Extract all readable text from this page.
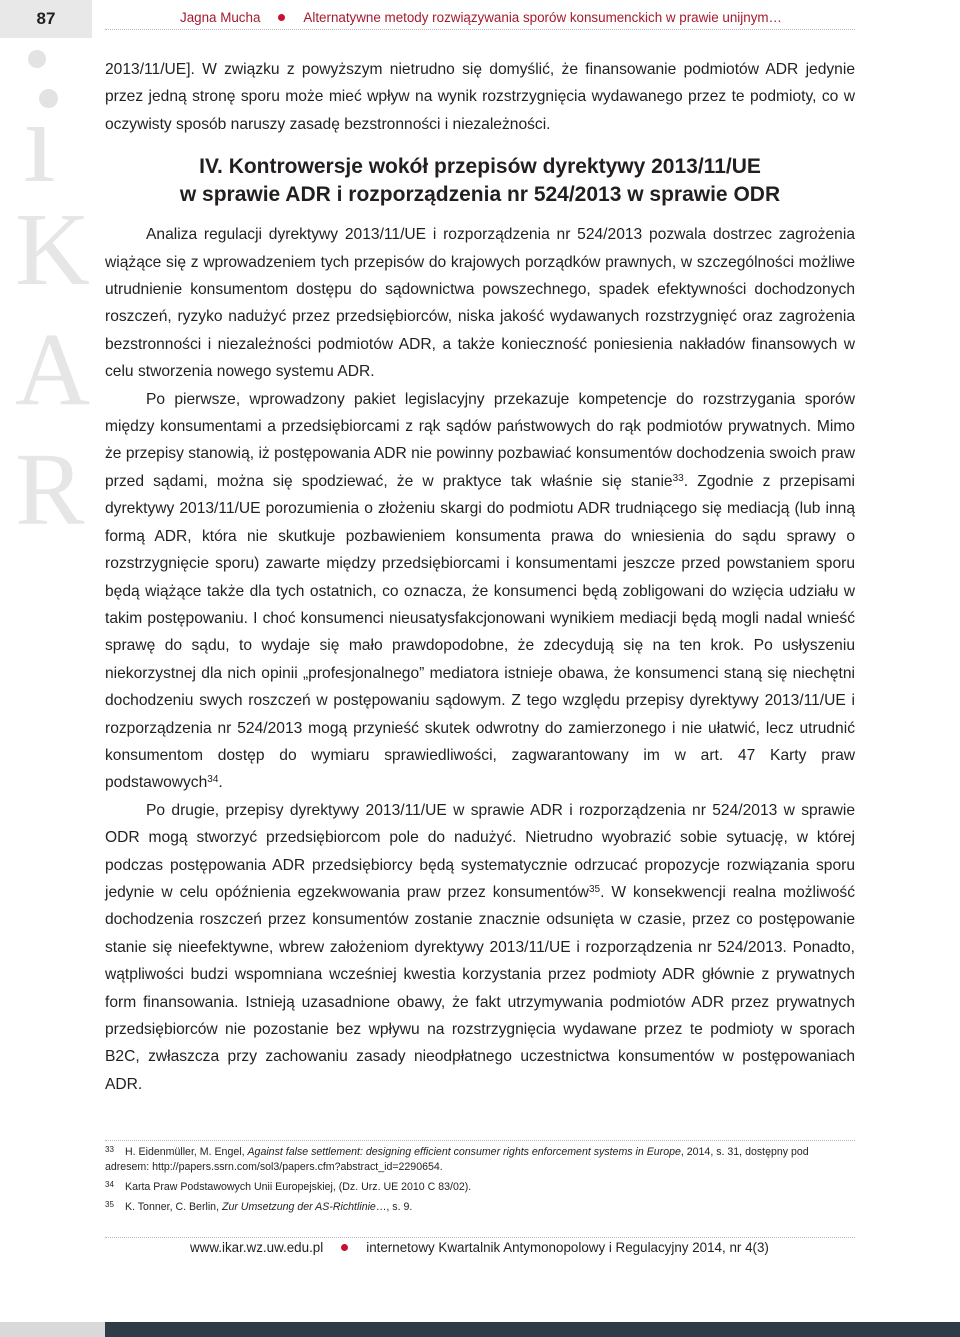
87	Jagna Mucha	Alternatywne metody rozwiązywania sporów konsumenckich w prawie unijnym…
ı
K
A
R

2013/11/UE]. W związku z powyższym nietrudno się domyślić, że finansowanie podmiotów ADR jedynie przez jedną stronę sporu może mieć wpływ na wynik rozstrzygnięcia wydawanego przez te podmioty, co w oczywisty sposób naruszy zasadę bezstronności i niezależności.

IV. Kontrowersje wokół przepisów dyrektywy 2013/11/UE
w sprawie ADR i rozporządzenia nr 524/2013 w sprawie ODR

Analiza regulacji dyrektywy 2013/11/UE i rozporządzenia nr 524/2013 pozwala dostrzec zagrożenia wiążące się z wprowadzeniem tych przepisów do krajowych porządków prawnych, w szczególności możliwe utrudnienie konsumentom dostępu do sądownictwa powszechnego, spadek efektywności dochodzonych roszczeń, ryzyko nadużyć przez przedsiębiorców, niska jakość wydawanych rozstrzygnięć oraz zagrożenia bezstronności i niezależności podmiotów ADR, a także konieczność poniesienia nakładów finansowych w celu stworzenia nowego systemu ADR.

Po pierwsze, wprowadzony pakiet legislacyjny przekazuje kompetencje do rozstrzygania sporów między konsumentami a przedsiębiorcami z rąk sądów państwowych do rąk podmiotów prywatnych. Mimo że przepisy stanowią, iż postępowania ADR nie powinny pozbawiać konsumentów dochodzenia swoich praw przed sądami, można się spodziewać, że w praktyce tak właśnie się stanie$^{33}$. Zgodnie z przepisami dyrektywy 2013/11/UE porozumienia o złożeniu skargi do podmiotu ADR trudniącego się mediacją (lub inną formą ADR, która nie skutkuje pozbawieniem konsumenta prawa do wniesienia do sądu sprawy o rozstrzygnięcie sporu) zawarte między przedsiębiorcami i konsumentami jeszcze przed powstaniem sporu będą wiążące także dla tych ostatnich, co oznacza, że konsumenci będą zobligowani do wzięcia udziału w takim postępowaniu. I choć konsumenci nieusatysfakcjonowani wynikiem mediacji będą mogli nadal wnieść sprawę do sądu, to wydaje się mało prawdopodobne, że zdecydują się na ten krok. Po usłyszeniu niekorzystnej dla nich opinii „profesjonalnego” mediatora istnieje obawa, że konsumenci staną się niechętni dochodzeniu swych roszczeń w postępowaniu sądowym. Z tego względu przepisy dyrektywy 2013/11/UE i rozporządzenia nr 524/2013 mogą przynieść skutek odwrotny do zamierzonego i nie ułatwić, lecz utrudnić konsumentom dostęp do wymiaru sprawiedliwości, zagwarantowany im w art. 47 Karty praw podstawowych$^{34}$.

Po drugie, przepisy dyrektywy 2013/11/UE w sprawie ADR i rozporządzenia nr 524/2013 w sprawie ODR mogą stworzyć przedsiębiorcom pole do nadużyć. Nietrudno wyobrazić sobie sytuację, w której podczas postępowania ADR przedsiębiorcy będą systematycznie odrzucać propozycje rozwiązania sporu jedynie w celu opóźnienia egzekwowania praw przez konsumentów$^{35}$. W konsekwencji realna możliwość dochodzenia roszczeń przez konsumentów zostanie znacznie odsunięta w czasie, przez co postępowanie stanie się nieefektywne, wbrew założeniom dyrektywy 2013/11/UE i rozporządzenia nr 524/2013. Ponadto, wątpliwości budzi wspomniana wcześniej kwestia korzystania przez podmioty ADR głównie z prywatnych form finansowania. Istnieją uzasadnione obawy, że fakt utrzymywania podmiotów ADR przez prywatnych przedsiębiorców nie pozostanie bez wpływu na rozstrzygnięcia wydawane przez te podmioty w sporach B2C, zwłaszcza przy zachowaniu zasady nieodpłatnego uczestnictwa konsumentów w postępowaniach ADR.

33 H. Eidenmüller, M. Engel, Against false settlement: designing efficient consumer rights enforcement systems in Europe, 2014, s. 31, dostępny pod
adresem: http://papers.ssrn.com/sol3/papers.cfm?abstract_id=2290654.
34 Karta Praw Podstawowych Unii Europejskiej, (Dz. Urz. UE 2010 C 83/02).
35 K. Tonner, C. Berlin, Zur Umsetzung der AS-Richtlinie…, s. 9.
www.ikar.wz.uw.edu.pl	internetowy Kwartalnik Antymonopolowy i Regulacyjny 2014, nr 4(3)
